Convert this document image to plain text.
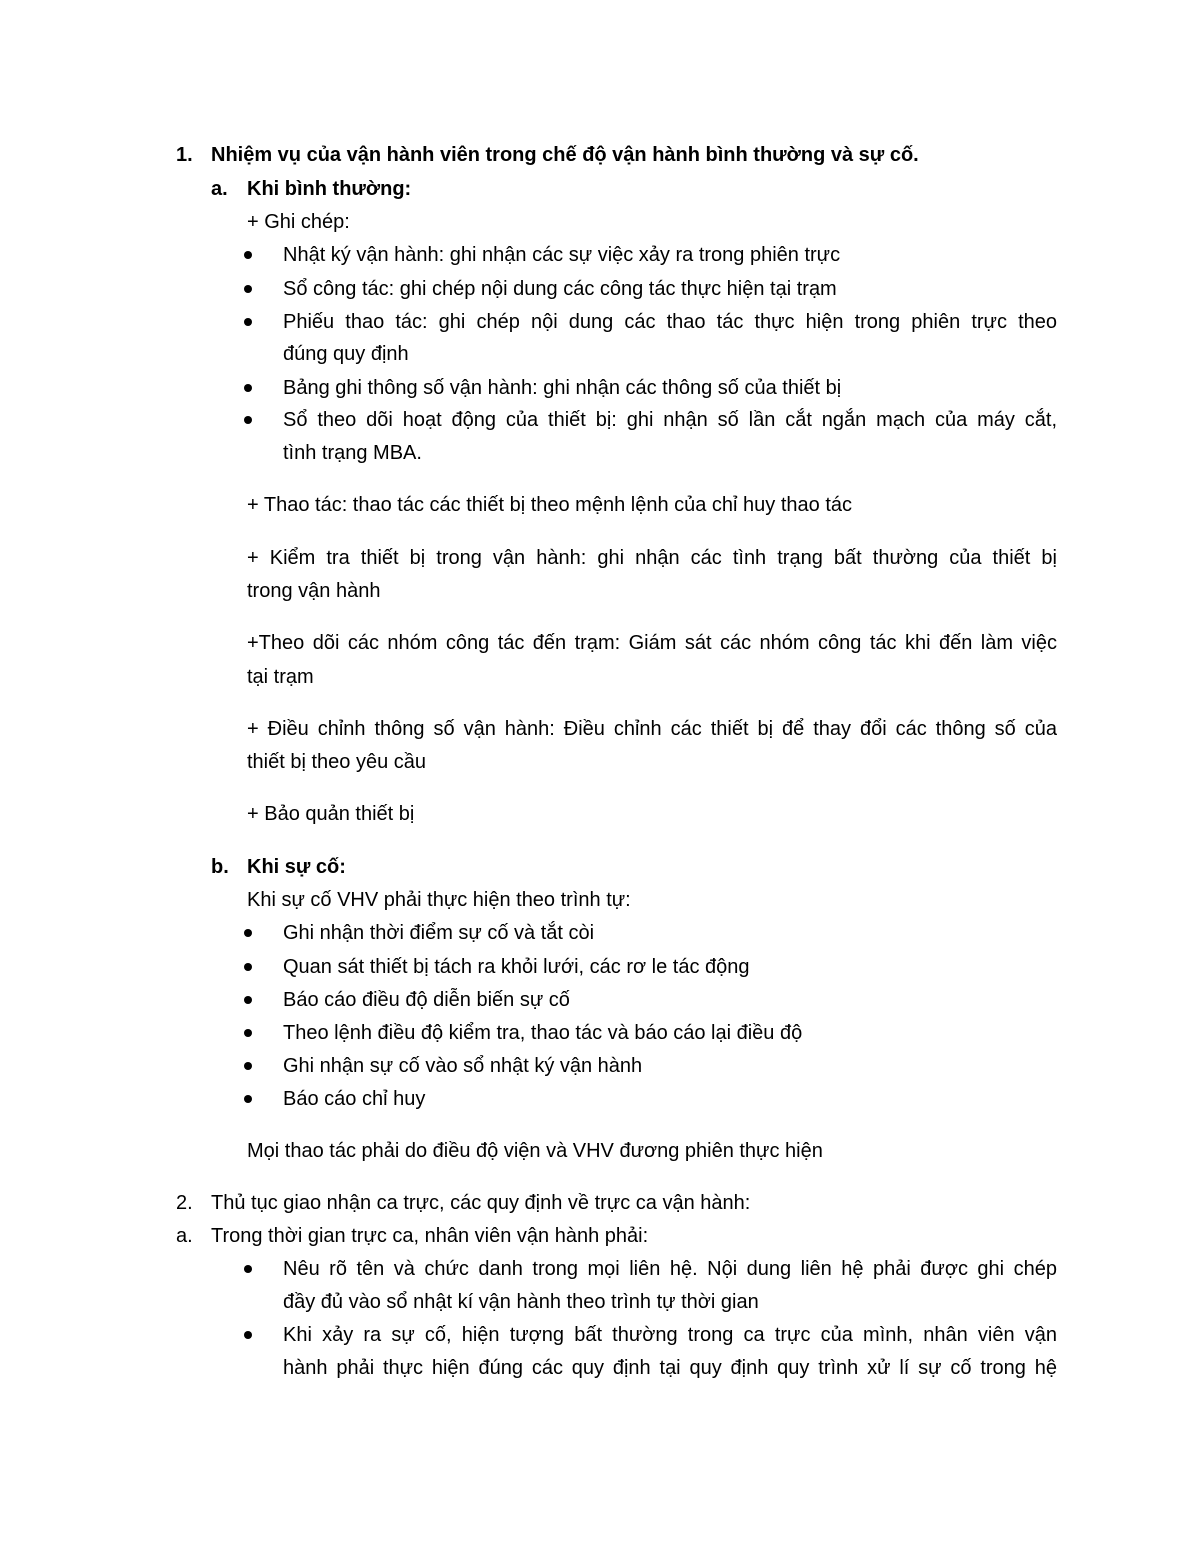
1. Nhiệm vụ của vận hành viên trong chế độ vận hành bình thường và sự cố.
a. Khi bình thường:
+ Ghi chép:
Nhật ký vận hành: ghi nhận các sự việc xảy ra trong phiên trực
Sổ công tác: ghi chép nội dung các công tác thực hiện tại trạm
Phiếu thao tác: ghi chép nội dung các thao tác thực hiện trong phiên trực theo
đúng quy định
Bảng ghi thông số vận hành: ghi nhận các thông số của thiết bị
Sổ theo dõi hoạt động của thiết bị: ghi nhận số lần cắt ngắn mạch của máy cắt,
tình trạng MBA.
+ Thao tác: thao tác các thiết bị theo mệnh lệnh của chỉ huy thao tác
+ Kiểm tra thiết bị trong vận hành: ghi nhận các tình trạng bất thường của thiết bị
trong vận hành
+Theo dõi các nhóm công tác đến trạm: Giám sát các nhóm công tác khi đến làm việc
tại trạm
+ Điều chỉnh thông số vận hành: Điều chỉnh các thiết bị để thay đổi các thông số của
thiết bị theo yêu cầu
+ Bảo quản thiết bị
b. Khi sự cố:
Khi sự cố VHV phải thực hiện theo trình tự:
Ghi nhận thời điểm sự cố và tắt còi
Quan sát thiết bị tách ra khỏi lưới, các rơ le tác động
Báo cáo điều độ diễn biến sự cố
Theo lệnh điều độ kiểm tra, thao tác và báo cáo lại điều độ
Ghi nhận sự cố vào sổ nhật ký vận hành
Báo cáo chỉ huy
Mọi thao tác phải do điều độ viện và VHV đương phiên thực hiện
2. Thủ tục giao nhận ca trực, các quy định về trực ca vận hành:
a. Trong thời gian trực ca, nhân viên vận hành phải:
Nêu rõ tên và chức danh trong mọi liên hệ. Nội dung liên hệ phải được ghi chép
đầy đủ vào sổ nhật kí vận hành theo trình tự thời gian
Khi xảy ra sự cố, hiện tượng bất thường trong ca trực của mình, nhân viên vận
hành phải thực hiện đúng các quy định tại quy định quy trình xử lí sự cố trong hệ
